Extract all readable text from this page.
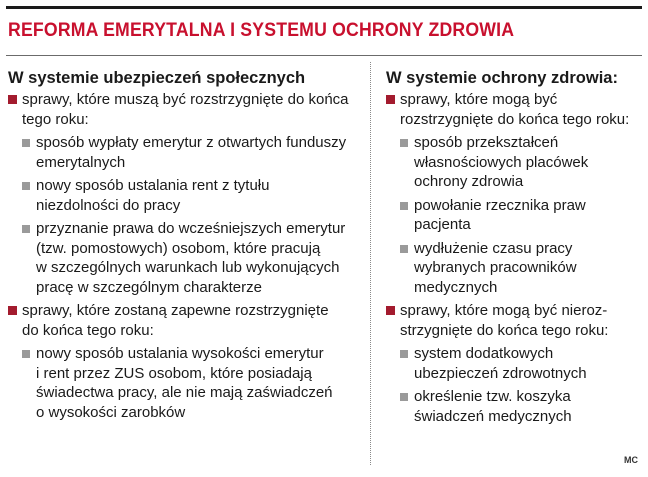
REFORMA EMERYTALNA I SYSTEMU OCHRONY ZDROWIA
W systemie ubezpieczeń społecznych
sprawy, które muszą być rozstrzygnięte do końca
tego roku:
sposób wypłaty emerytur z otwartych funduszy
emerytalnych
nowy sposób ustalania rent z tytułu
niezdolności do pracy
przyznanie prawa do wcześniejszych emerytur
(tzw. pomostowych) osobom, które pracują
w szczególnych warunkach lub wykonujących
pracę w szczególnym charakterze
sprawy, które zostaną zapewne rozstrzygnięte
do końca tego roku:
nowy sposób ustalania wysokości emerytur
i rent przez ZUS osobom, które posiadają
świadectwa pracy, ale nie mają zaświadczeń
o wysokości zarobków
W systemie ochrony zdrowia:
sprawy, które mogą być
rozstrzygnięte do końca tego roku:
sposób przekształceń
własnościowych placówek
ochrony zdrowia
powołanie rzecznika praw
pacjenta
wydłużenie czasu pracy
wybranych pracowników
medycznych
sprawy, które mogą być nieroz-
strzygnięte do końca tego roku:
system dodatkowych
ubezpieczeń zdrowotnych
określenie tzw. koszyka
świadczeń medycznych
MC
